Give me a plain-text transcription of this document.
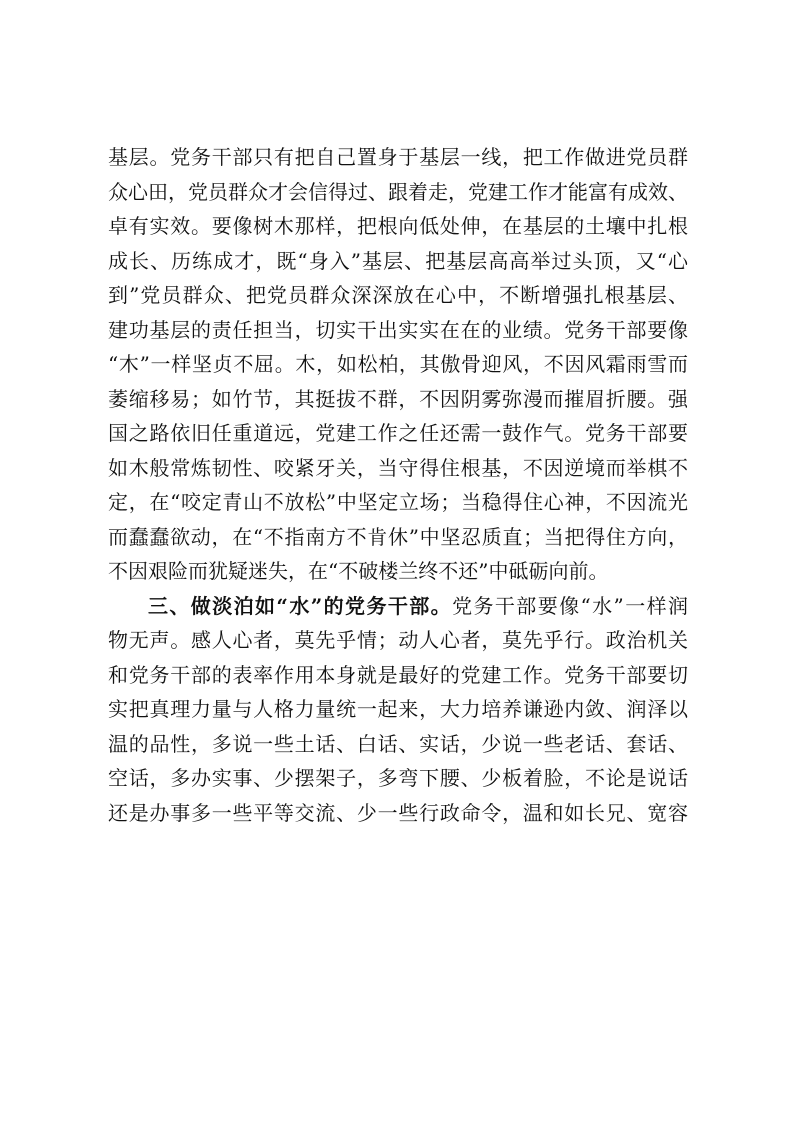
基层。党务干部只有把自己置身于基层一线，把工作做进党员群
众心田，党员群众才会信得过、跟着走，党建工作才能富有成效、
卓有实效。要像树木那样，把根向低处伸，在基层的土壤中扎根
成长、历练成才，既“身入”基层、把基层高高举过头顶，又“心
到”党员群众、把党员群众深深放在心中，不断增强扎根基层、
建功基层的责任担当，切实干出实实在在的业绩。党务干部要像
“木”一样坚贞不屈。木，如松柏，其傲骨迎风，不因风霜雨雪而
萎缩移易；如竹节，其挺拔不群，不因阴雾弥漫而摧眉折腰。强
国之路依旧任重道远，党建工作之任还需一鼓作气。党务干部要
如木般常炼韧性、咬紧牙关，当守得住根基，不因逆境而举棋不
定，在“咬定青山不放松”中坚定立场；当稳得住心神，不因流光
而蠢蠢欲动，在“不指南方不肯休”中坚忍质直；当把得住方向，
不因艰险而犹疑迷失，在“不破楼兰终不还”中砥砺向前。
三、做淡泊如“水”的党务干部。党务干部要像“水”一样润
物无声。感人心者，莫先乎情；动人心者，莫先乎行。政治机关
和党务干部的表率作用本身就是最好的党建工作。党务干部要切
实把真理力量与人格力量统一起来，大力培养谦逊内敛、润泽以
温的品性，多说一些土话、白话、实话，少说一些老话、套话、
空话，多办实事、少摆架子，多弯下腰、少板着脸，不论是说话
还是办事多一些平等交流、少一些行政命令，温和如长兄、宽容
